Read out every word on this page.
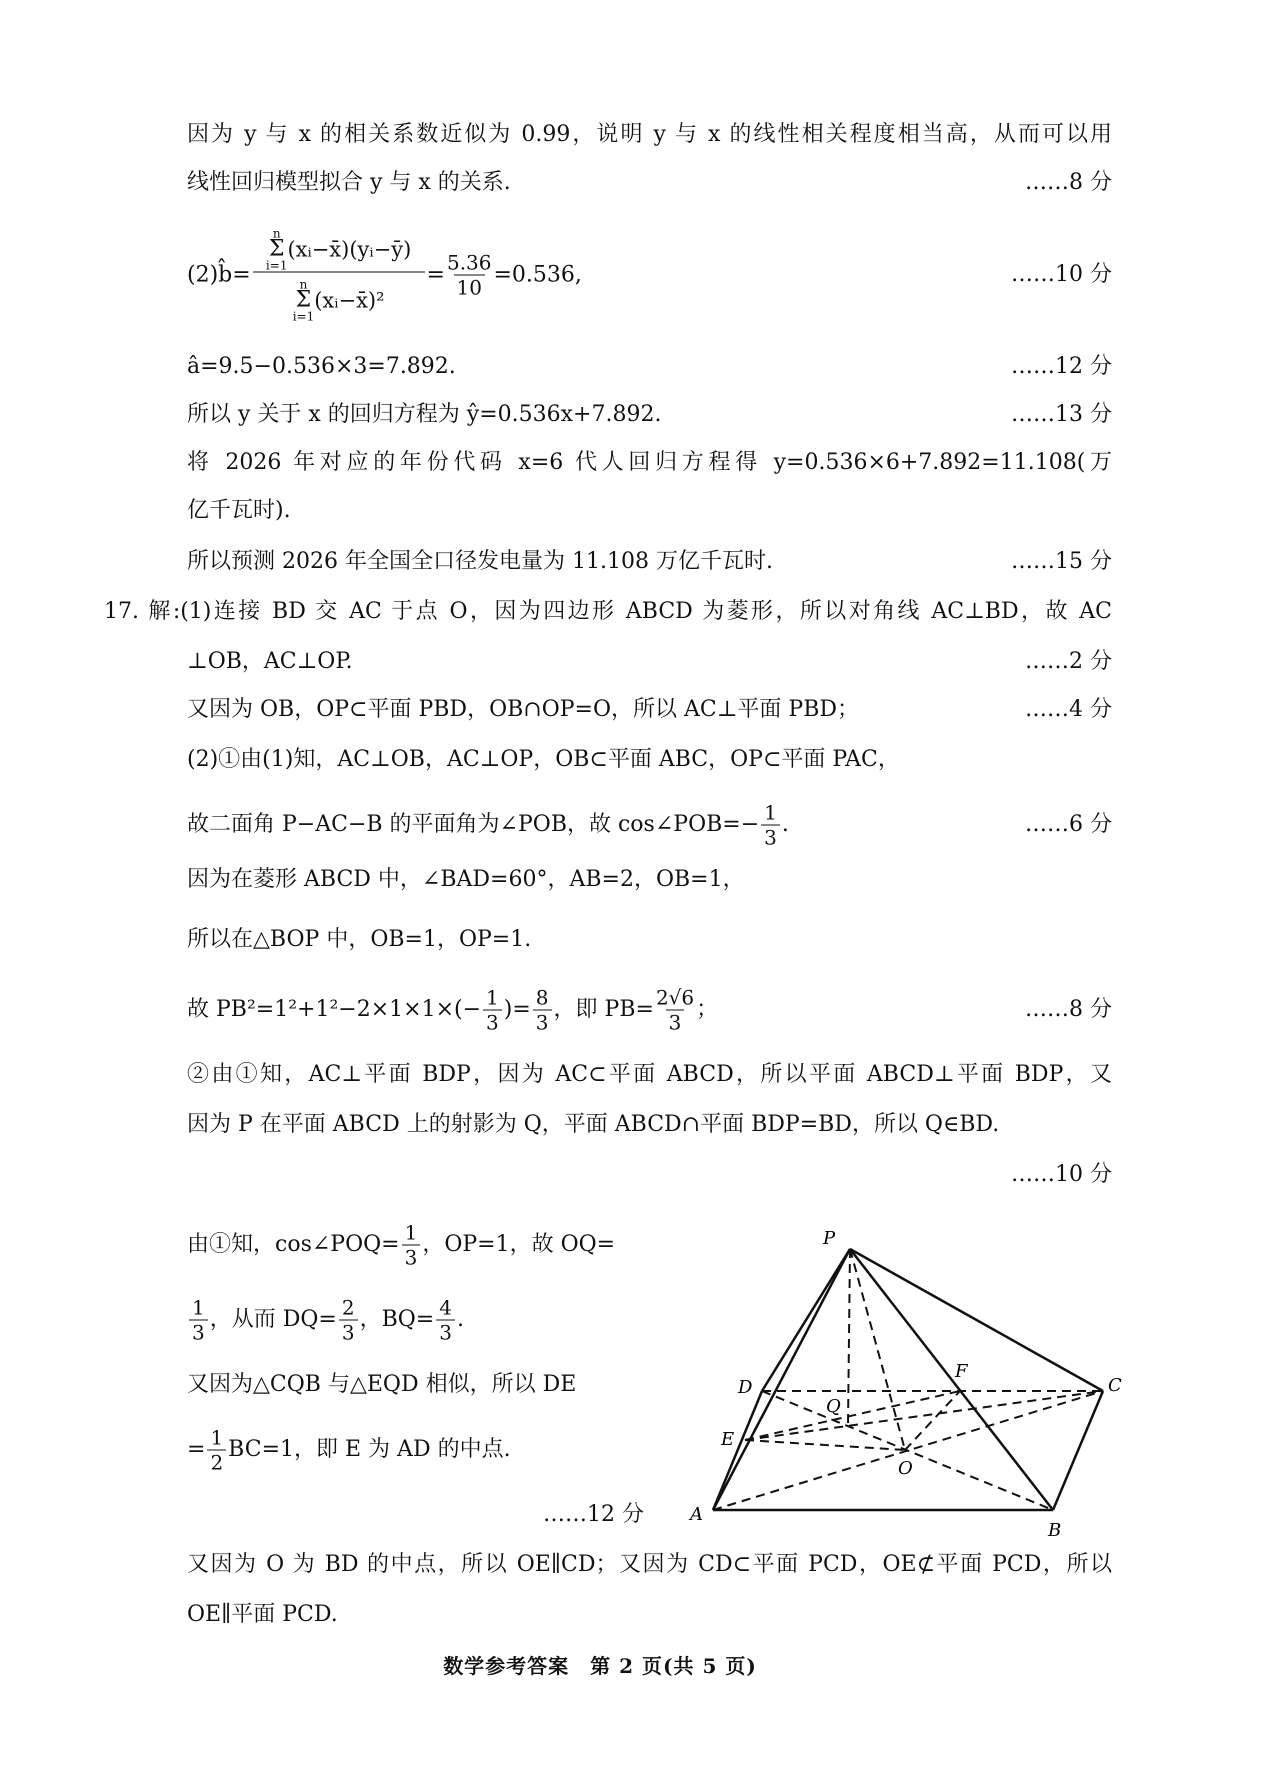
因为 y 与 x 的相关系数近似为 0.99，说明 y 与 x 的线性相关程度相当高，从而可以用
线性回归模型拟合 y 与 x 的关系.	……8 分
(2)b̂=
n
Σ
i=1
(xᵢ−x̄)(yᵢ−ȳ)
n
Σ
i=1
(xᵢ−x̄)²
= $\frac{5.36}{10} =0.536$,	……10 分
â=9.5−0.536×3=7.892.	……12 分
所以 y 关于 x 的回归方程为 ŷ=0.536x+7.892.	……13 分
将 2026 年对应的年份代码 x=6 代人回归方程得 y=0.536×6+7.892=11.108(万
亿千瓦时).
所以预测 2026 年全国全口径发电量为 11.108 万亿千瓦时.	……15 分
17. 解:(1)连接 BD 交 AC 于点 O，因为四边形 ABCD 为菱形，所以对角线 AC⊥BD，故 AC
⊥OB，AC⊥OP.	……2 分
又因为 OB，OP⊂平面 PBD，OB∩OP=O，所以 AC⊥平面 PBD；	……4 分
(2)①由(1)知，AC⊥OB，AC⊥OP，OB⊂平面 ABC，OP⊂平面 PAC，
故二面角 P−AC−B 的平面角为∠POB，故 cos∠POB=− $\frac{1}{3}$ .	……6 分
因为在菱形 ABCD 中，∠BAD=60°，AB=2，OB=1，
所以在△BOP 中，OB=1，OP=1.
故 $PB^2=1^2+1^2-2\times 1\times 1\times(- \frac{1}{3}$ )= $\frac{8}{3}$ ，即 $PB= \frac{2√6}{3}$ ；	……8 分
②由①知，AC⊥平面 BDP，因为 AC⊂平面 ABCD，所以平面 ABCD⊥平面 BDP，又
因为 P 在平面 ABCD 上的射影为 Q，平面 ABCD∩平面 BDP=BD，所以 Q∈BD.
……10 分
由①知，cos∠POQ= $\frac{1}{3}$ ，OP=1，故 OQ=
$\frac{1}{3}$ ，从而 $DQ= \frac{2}{3}$ ，$BQ= \frac{4}{3}$ .
又因为△CQB 与△EQD 相似，所以 DE
= $\frac{1}{2} BC=1$，即 E 为 AD 的中点.
……12 分
又因为 O 为 BD 的中点，所以 OE∥CD；又因为 CD⊂平面 PCD，OE⊄平面 PCD，所以
OE∥平面 PCD.
P
D	C
E
A
B
O
Q
F
数学参考答案　第 2 页(共 5 页)
